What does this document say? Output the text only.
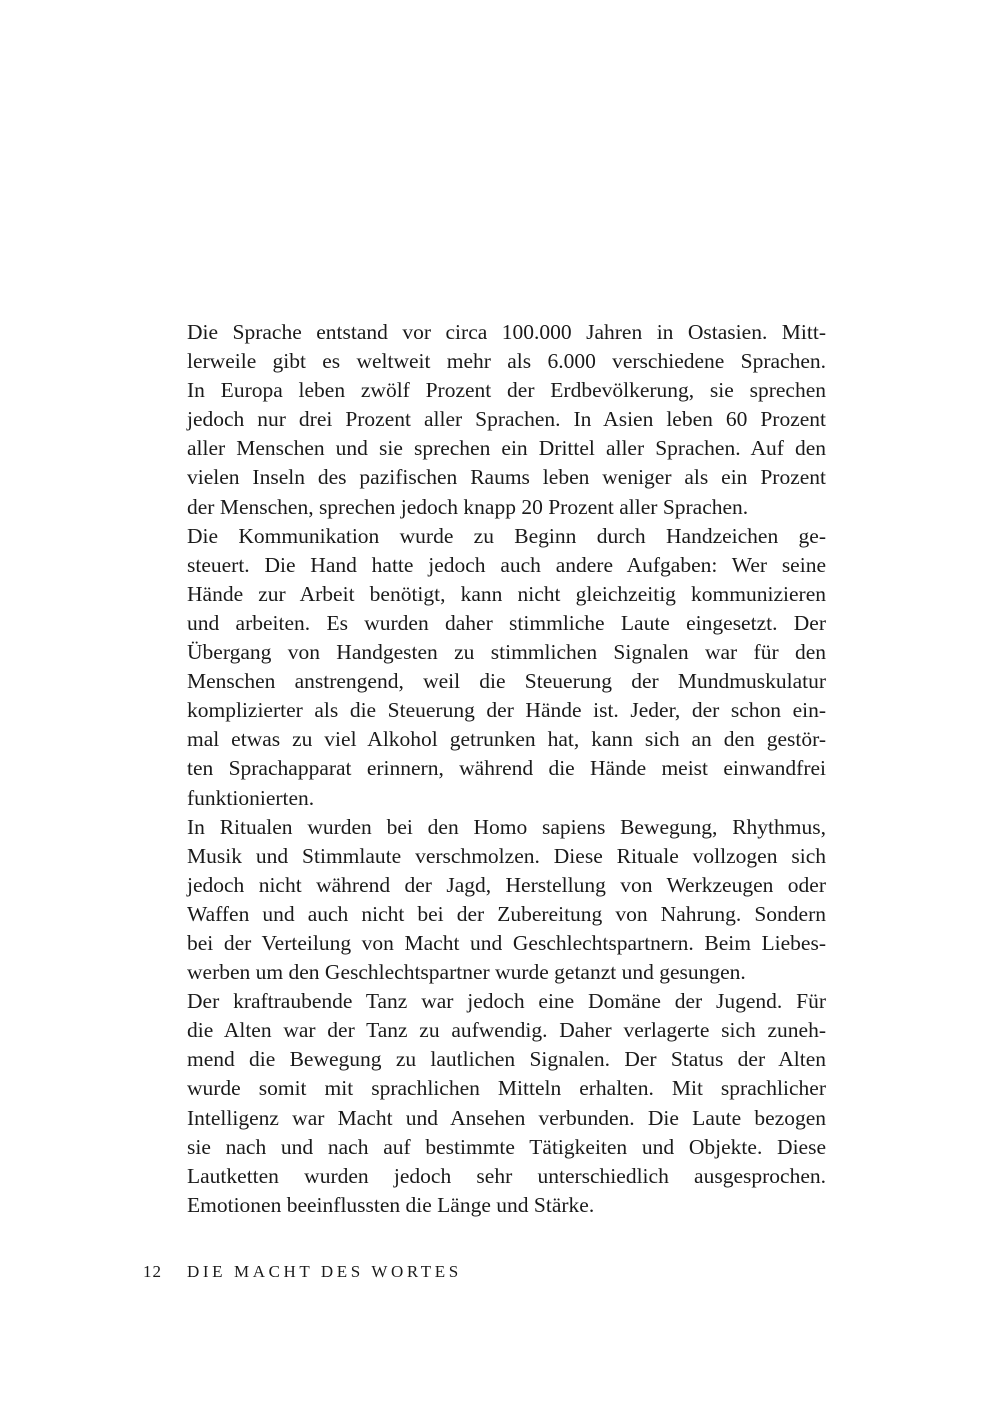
Die Sprache entstand vor circa 100.000 Jahren in Ostasien. Mitt-
lerweile gibt es weltweit mehr als 6.000 verschiedene Sprachen.
In Europa leben zwölf Prozent der Erdbevölkerung, sie sprechen
jedoch nur drei Prozent aller Sprachen. In Asien leben 60 Prozent
aller Menschen und sie sprechen ein Drittel aller Sprachen. Auf den
vielen Inseln des pazifischen Raums leben weniger als ein Prozent
der Menschen, sprechen jedoch knapp 20 Prozent aller Sprachen.
Die Kommunikation wurde zu Beginn durch Handzeichen ge-
steuert. Die Hand hatte jedoch auch andere Aufgaben: Wer seine
Hände zur Arbeit benötigt, kann nicht gleichzeitig kommunizieren
und arbeiten. Es wurden daher stimmliche Laute eingesetzt. Der
Übergang von Handgesten zu stimmlichen Signalen war für den
Menschen anstrengend, weil die Steuerung der Mundmuskulatur
komplizierter als die Steuerung der Hände ist. Jeder, der schon ein-
mal etwas zu viel Alkohol getrunken hat, kann sich an den gestör-
ten Sprachapparat erinnern, während die Hände meist einwandfrei
funktionierten.
In Ritualen wurden bei den Homo sapiens Bewegung, Rhythmus,
Musik und Stimmlaute verschmolzen. Diese Rituale vollzogen sich
jedoch nicht während der Jagd, Herstellung von Werkzeugen oder
Waffen und auch nicht bei der Zubereitung von Nahrung. Sondern
bei der Verteilung von Macht und Geschlechtspartnern. Beim Liebes-
werben um den Geschlechtspartner wurde getanzt und gesungen.
Der kraftraubende Tanz war jedoch eine Domäne der Jugend. Für
die Alten war der Tanz zu aufwendig. Daher verlagerte sich zuneh-
mend die Bewegung zu lautlichen Signalen. Der Status der Alten
wurde somit mit sprachlichen Mitteln erhalten. Mit sprachlicher
Intelligenz war Macht und Ansehen verbunden. Die Laute bezogen
sie nach und nach auf bestimmte Tätigkeiten und Objekte. Diese
Lautketten wurden jedoch sehr unterschiedlich ausgesprochen.
Emotionen beeinflussten die Länge und Stärke.
12 DIE MACHT DES WORTES
